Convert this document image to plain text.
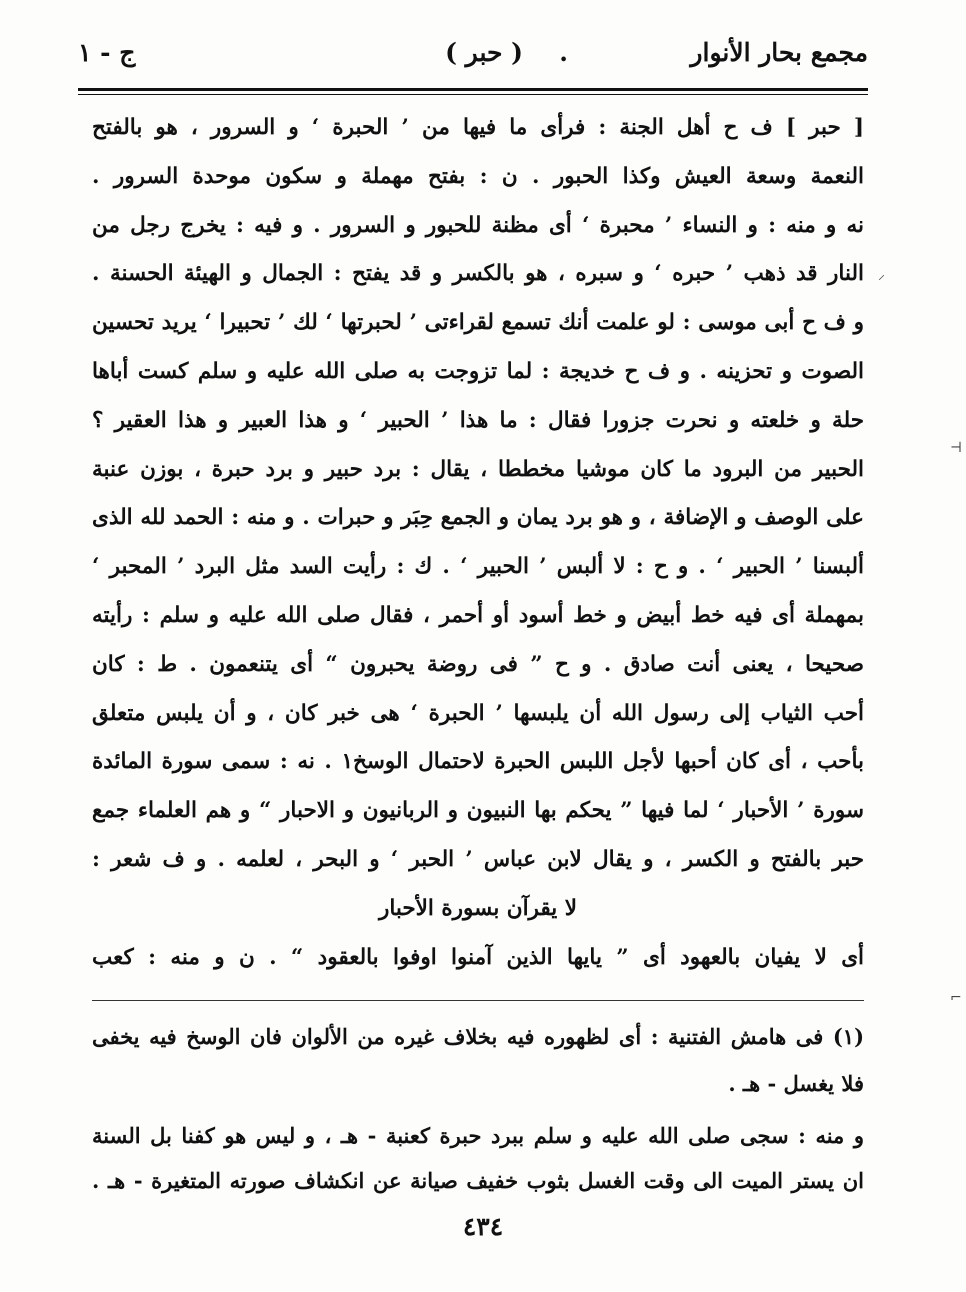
مجمع بحار الأنوار
.
( حبر )
ج - ١
⸝
⊣
⌐
[ حبر ] ف ح أهل الجنة : فرأى ما فيها من ’ الحبرة ‘ و السرور ، هو بالفتح
النعمة وسعة العيش وكذا الحبور . ن : بفتح مهملة و سكون موحدة السرور .
نه و منه : و النساء ’ محبرة ‘ أى مظنة للحبور و السرور . و فيه : يخرج رجل من
النار قد ذهب ’ حبره ‘ و سبره ، هو بالكسر و قد يفتح : الجمال و الهيئة الحسنة .
و ف ح أبى موسى : لو علمت أنك تسمع لقراءتى ’ لحبرتها ‘ لك ’ تحبيرا ‘ يريد تحسين
الصوت و تحزينه . و ف ح خديجة : لما تزوجت به صلى الله عليه و سلم كست أباها
حلة و خلعته و نحرت جزورا فقال : ما هذا ’ الحبير ‘ و هذا العبير و هذا العقير ؟
الحبير من البرود ما كان موشيا مخططا ، يقال : برد حبير و برد حبرة ، بوزن عنبة
على الوصف و الإضافة ، و هو برد يمان و الجمع حِبَر و حبرات . و منه : الحمد لله الذى
ألبسنا ’ الحبير ‘ . و ح : لا ألبس ’ الحبير ‘ . ك : رأيت السد مثل البرد ’ المحبر ‘
بمهملة أى فيه خط أبيض و خط أسود أو أحمر ، فقال صلى الله عليه و سلم : رأيته
صحيحا ، يعنى أنت صادق . و ح ” فى روضة يحبرون “ أى يتنعمون . ط : كان
أحب الثياب إلى رسول الله أن يلبسها ’ الحبرة ‘ هى خبر كان ، و أن يلبس متعلق
بأحب ، أى كان أحبها لأجل اللبس الحبرة لاحتمال الوسخ١ . نه : سمى سورة المائدة
سورة ’ الأحبار ‘ لما فيها ” يحكم بها النبيون و الربانيون و الاحبار “ و هم العلماء جمع
حبر بالفتح و الكسر ، و يقال لابن عباس ’ الحبر ‘ و البحر ، لعلمه . و ف شعر :
لا يقرآن بسورة الأحبار
أى لا يفيان بالعهود أى ” يايها الذين آمنوا اوفوا بالعقود “ . ن و منه : كعب
(١) فى هامش الفتنية : أى لظهوره فيه بخلاف غيره من الألوان فان الوسخ فيه يخفى
فلا يغسل - هـ .
و منه : سجى صلى الله عليه و سلم ببرد حبرة كعنبة - هـ ، و ليس هو كفنا بل السنة
ان يستر الميت الى وقت الغسل بثوب خفيف صيانة عن انكشاف صورته المتغيرة - هـ .
٤٣٤
